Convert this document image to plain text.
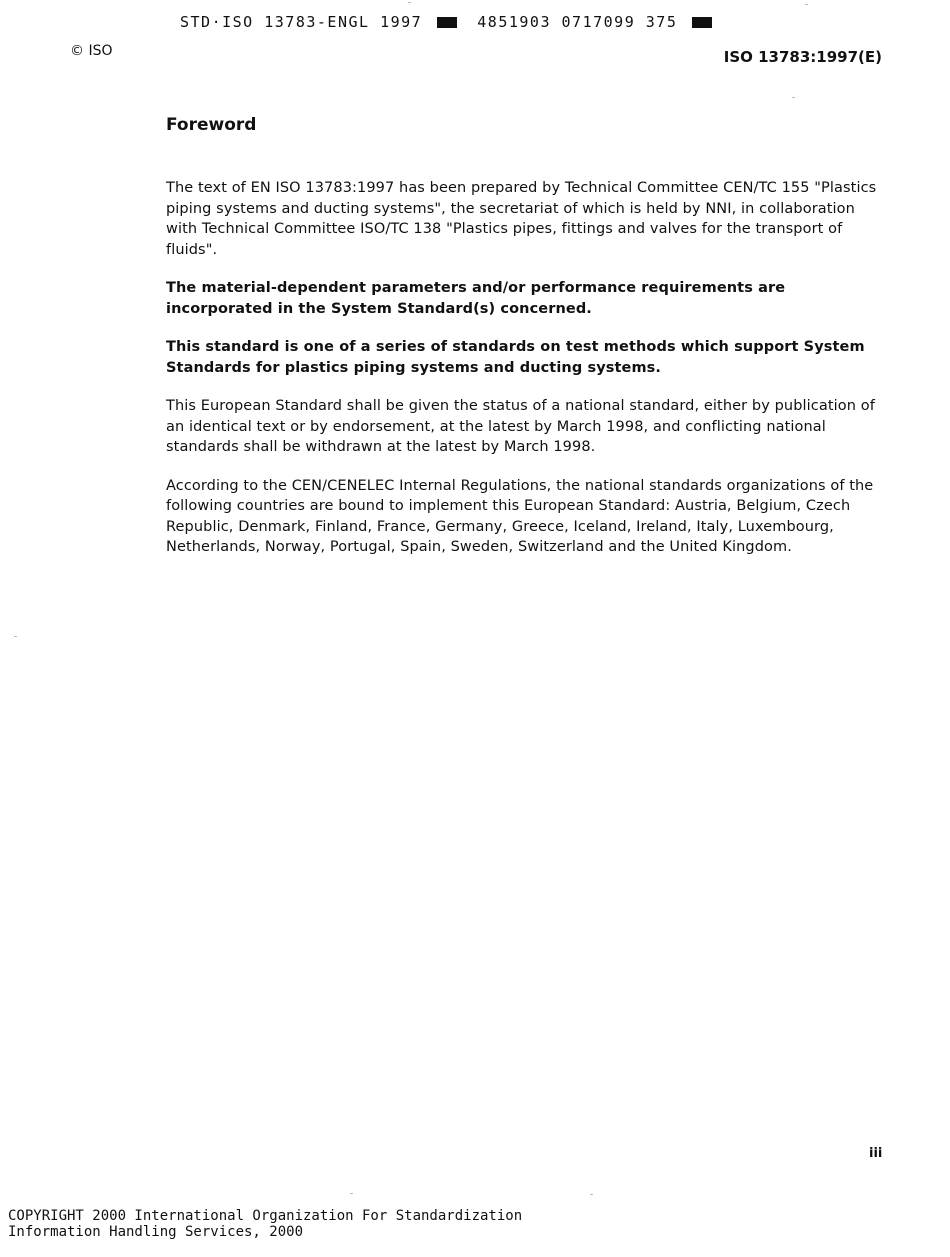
STD·ISO 13783-ENGL 1997	4851903 0717099 375
© ISO	ISO 13783:1997(E)
Foreword

The text of EN ISO 13783:1997 has been prepared by Technical Committee CEN/TC 155 "Plastics piping systems and ducting systems", the secretariat of which is held by NNI, in collaboration with Technical Committee ISO/TC 138 "Plastics pipes, fittings and valves for the transport of fluids".

The material-dependent parameters and/or performance requirements are incorporated in the System Standard(s) concerned.

This standard is one of a series of standards on test methods which support System Standards for plastics piping systems and ducting systems.

This European Standard shall be given the status of a national standard, either by publication of an identical text or by endorsement, at the latest by March 1998, and conflicting national standards shall be withdrawn at the latest by March 1998.

According to the CEN/CENELEC Internal Regulations, the national standards organizations of the following countries are bound to implement this European Standard: Austria, Belgium, Czech Republic, Denmark, Finland, France, Germany, Greece, Iceland, Ireland, Italy, Luxembourg, Netherlands, Norway, Portugal, Spain, Sweden, Switzerland and the United Kingdom.

iii
COPYRIGHT 2000 International Organization For Standardization
Information Handling Services, 2000
